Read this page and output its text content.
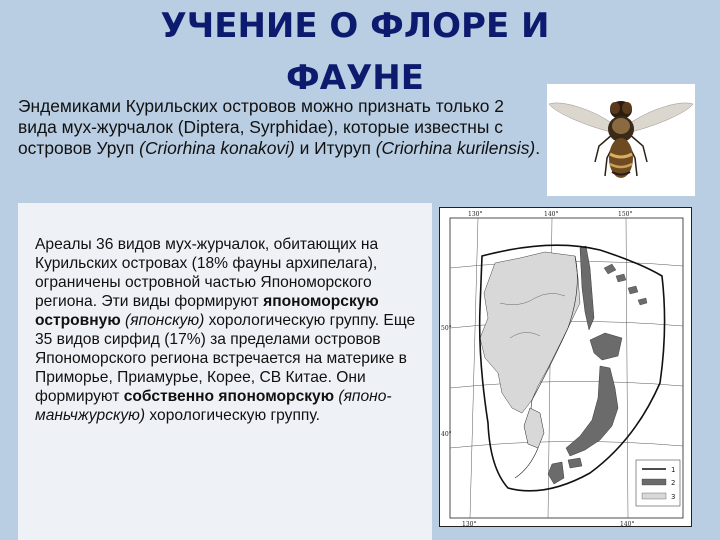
УЧЕНИЕ О ФЛОРЕ И
ФАУНЕ

Эндемиками Курильских островов можно признать только 2 вида мух-журчалок (Diptera, Syrphidae), которые известны с островов Уруп (Criorhina konakovi) и Итуруп (Criorhina kurilensis).

Ареалы 36 видов мух-журчалок, обитающих на Курильских островах (18% фауны архипелага), ограничены островной частью Япономорского региона. Эти виды формируют япономорскую островную (японскую) хорологическую группу. Еще 35 видов сирфид (17%) за пределами островов Япономорского региона встречается на материке в Приморье, Приамурье, Корее, СВ Китае. Они формируют собственно япономорскую (японо-маньчжурскую) хорологическую группу.

130°	140°	150°
130°	140°
50°
40°
1
2
3
